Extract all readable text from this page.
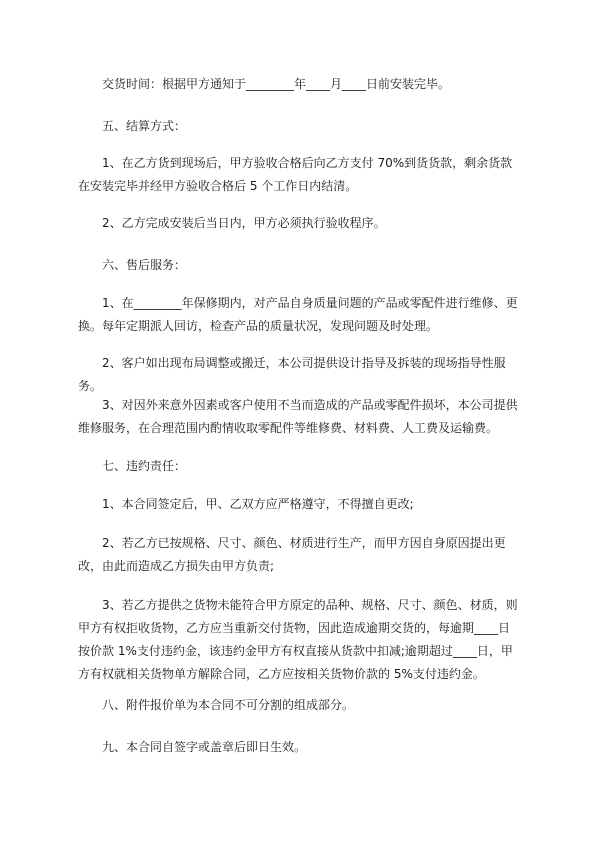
交货时间：根据甲方通知于________年____月____日前安装完毕。

五、结算方式：

1、在乙方货到现场后，甲方验收合格后向乙方支付 70%到货货款，剩余货款在安装完毕并经甲方验收合格后 5 个工作日内结清。

2、乙方完成安装后当日内，甲方必须执行验收程序。

六、售后服务：

1、在________年保修期内，对产品自身质量问题的产品或零配件进行维修、更换。每年定期派人回访，检查产品的质量状况，发现问题及时处理。

2、客户如出现布局调整或搬迁，本公司提供设计指导及拆装的现场指导性服务。

3、对因外来意外因素或客户使用不当而造成的产品或零配件损坏，本公司提供维修服务，在合理范围内酌情收取零配件等维修费、材料费、人工费及运输费。

七、违约责任：

1、本合同签定后，甲、乙双方应严格遵守，不得擅自更改;

2、若乙方已按规格、尺寸、颜色、材质进行生产，而甲方因自身原因提出更改，由此而造成乙方损失由甲方负责;

3、若乙方提供之货物未能符合甲方原定的品种、规格、尺寸、颜色、材质，则甲方有权拒收货物，乙方应当重新交付货物，因此造成逾期交货的，每逾期____日按价款 1%支付违约金，该违约金甲方有权直接从货款中扣减;逾期超过____日，甲方有权就相关货物单方解除合同，乙方应按相关货物价款的 5%支付违约金。

八、附件报价单为本合同不可分割的组成部分。

九、本合同自签字或盖章后即日生效。
